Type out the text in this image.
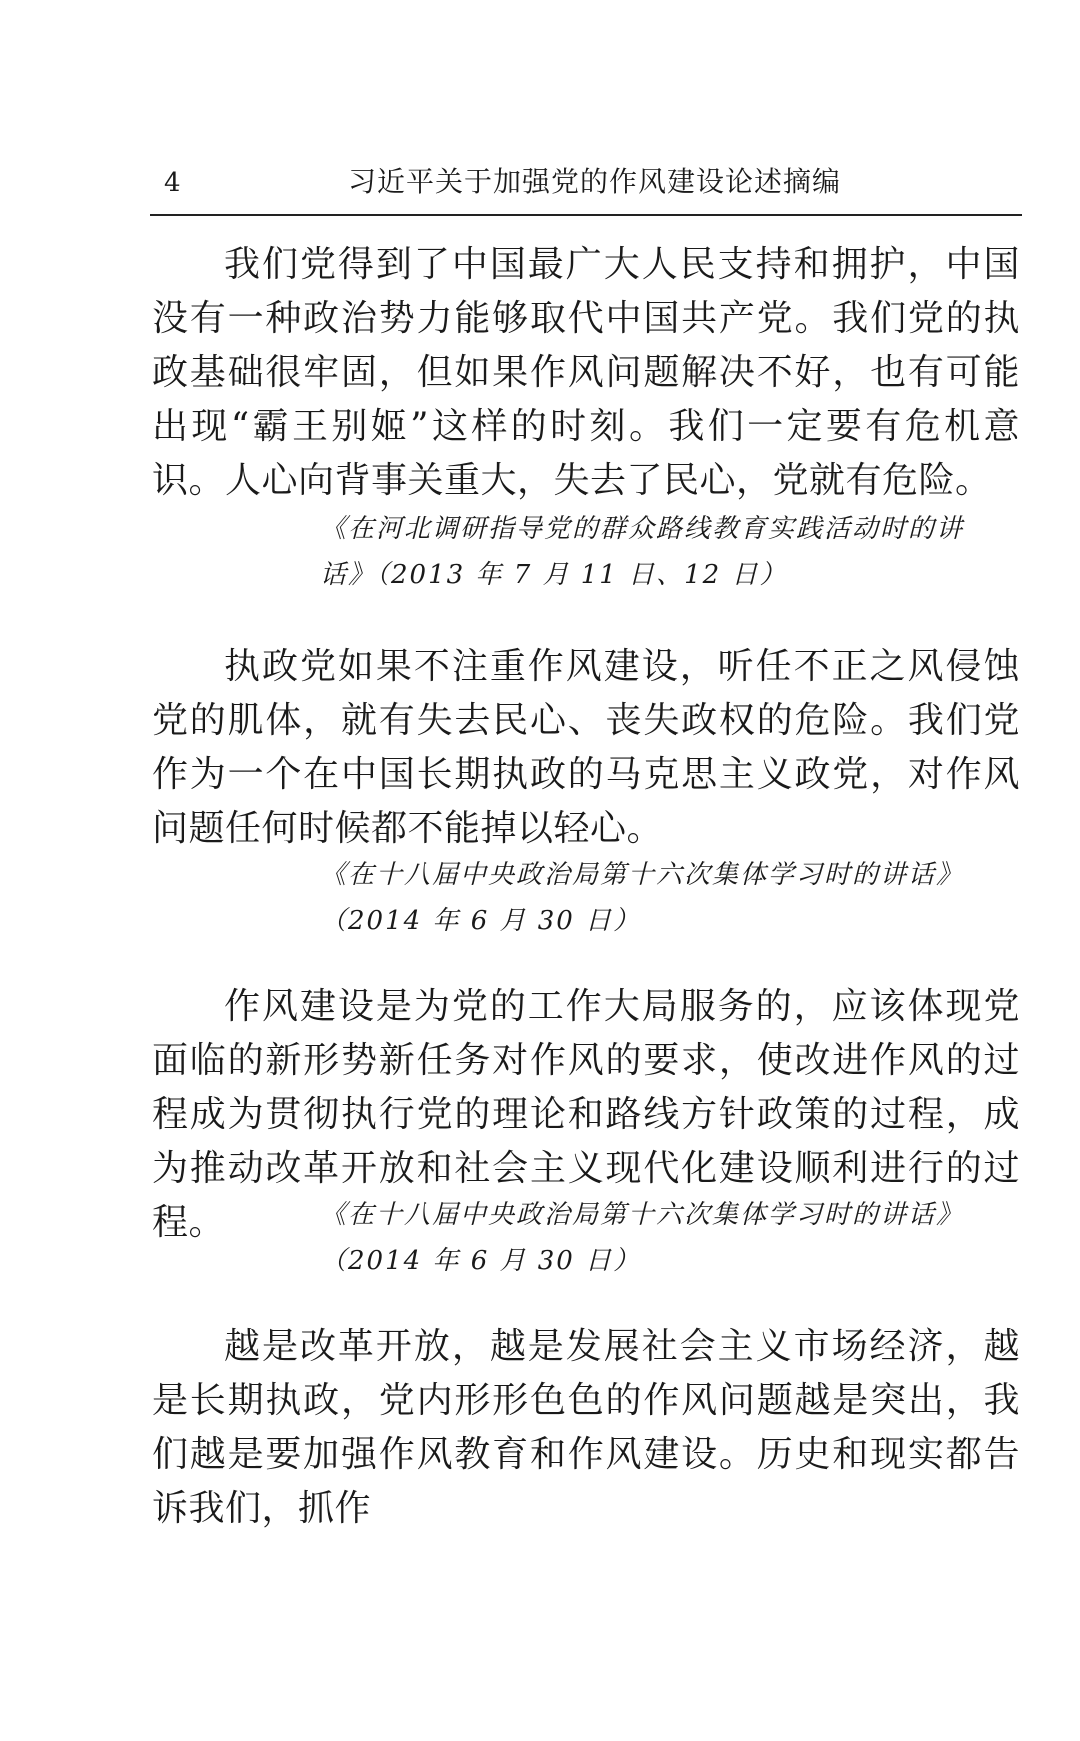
4	习近平关于加强党的作风建设论述摘编

我们党得到了中国最广大人民支持和拥护，中国没有一种政治势力能够取代中国共产党。我们党的执政基础很牢固，但如果作风问题解决不好，也有可能出现“霸王别姬”这样的时刻。我们一定要有危机意识。人心向背事关重大，失去了民心，党就有危险。

《在河北调研指导党的群众路线教育实践活动时的讲话》（2013 年 7 月 11 日、12 日）

执政党如果不注重作风建设，听任不正之风侵蚀党的肌体，就有失去民心、丧失政权的危险。我们党作为一个在中国长期执政的马克思主义政党，对作风问题任何时候都不能掉以轻心。

《在十八届中央政治局第十六次集体学习时的讲话》（2014 年 6 月 30 日）

作风建设是为党的工作大局服务的，应该体现党面临的新形势新任务对作风的要求，使改进作风的过程成为贯彻执行党的理论和路线方针政策的过程，成为推动改革开放和社会主义现代化建设顺利进行的过程。	《在十八届中央政治局第十六次集体学习时的讲话》（2014 年 6 月 30 日）

越是改革开放，越是发展社会主义市场经济，越是长期执政，党内形形色色的作风问题越是突出，我们越是要加强作风教育和作风建设。历史和现实都告诉我们，抓作
